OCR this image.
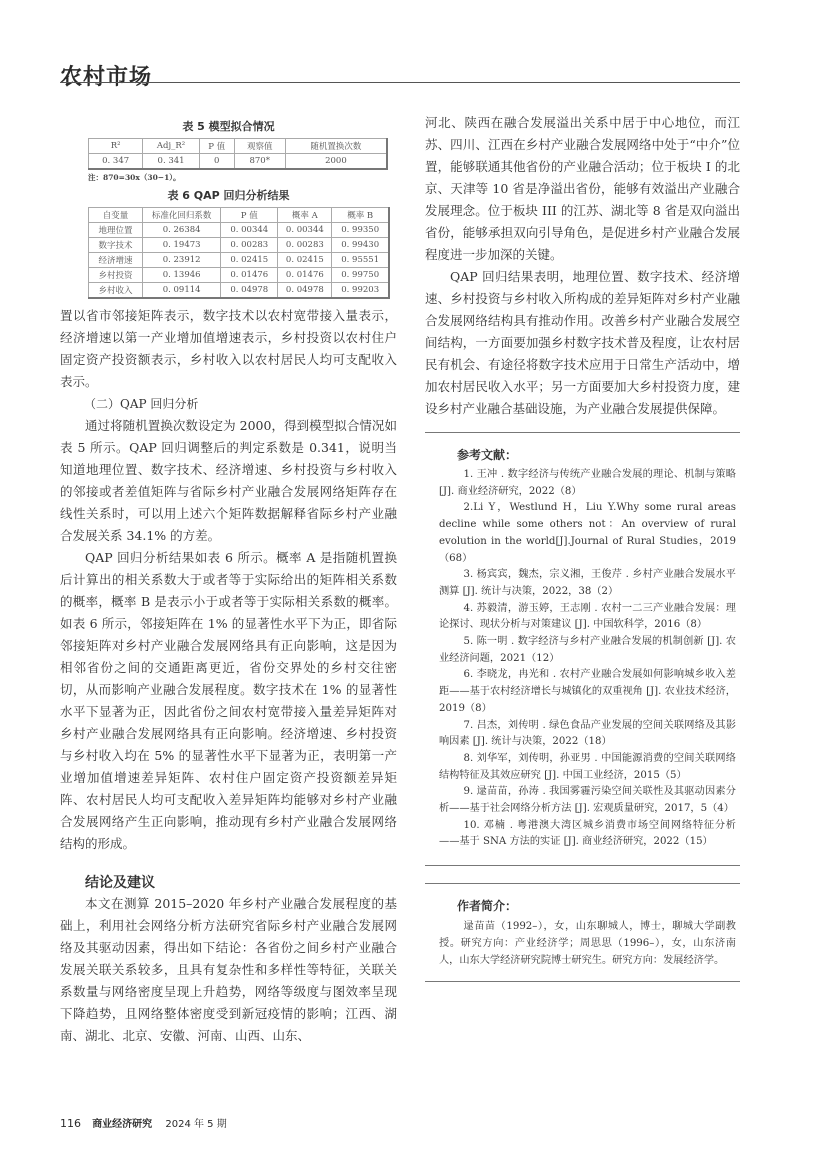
农村市场
表 5 模型拟合情况
R²	Adj_R²	P 值	观察值	随机置换次数
0. 347	0. 341	0	870*	2000
注：870=30x（30−1）。
表 6 QAP 回归分析结果
自变量	标准化回归系数	P 值	概率 A	概率 B
地理位置	0. 26384	0. 00344	0. 00344	0. 99350
数字技术	0. 19473	0. 00283	0. 00283	0. 99430
经济增速	0. 23912	0. 02415	0. 02415	0. 95551
乡村投资	0. 13946	0. 01476	0. 01476	0. 99750
乡村收入	0. 09114	0. 04978	0. 04978	0. 99203

置以省市邻接矩阵表示，数字技术以农村宽带接入量表示，经济增速以第一产业增加值增速表示，乡村投资以农村住户固定资产投资额表示，乡村收入以农村居民人均可支配收入表示。

（二）QAP 回归分析

通过将随机置换次数设定为 2000，得到模型拟合情况如表 5 所示。QAP 回归调整后的判定系数是 0.341，说明当知道地理位置、数字技术、经济增速、乡村投资与乡村收入的邻接或者差值矩阵与省际乡村产业融合发展网络矩阵存在线性关系时，可以用上述六个矩阵数据解释省际乡村产业融合发展关系 34.1% 的方差。

QAP 回归分析结果如表 6 所示。概率 A 是指随机置换后计算出的相关系数大于或者等于实际给出的矩阵相关系数的概率，概率 B 是表示小于或者等于实际相关系数的概率。如表 6 所示，邻接矩阵在 1% 的显著性水平下为正，即省际邻接矩阵对乡村产业融合发展网络具有正向影响，这是因为相邻省份之间的交通距离更近，省份交界处的乡村交往密切，从而影响产业融合发展程度。数字技术在 1% 的显著性水平下显著为正，因此省份之间农村宽带接入量差异矩阵对乡村产业融合发展网络具有正向影响。经济增速、乡村投资与乡村收入均在 5% 的显著性水平下显著为正，表明第一产业增加值增速差异矩阵、农村住户固定资产投资额差异矩阵、农村居民人均可支配收入差异矩阵均能够对乡村产业融合发展网络产生正向影响，推动现有乡村产业融合发展网络结构的形成。

结论及建议

本文在测算 2015–2020 年乡村产业融合发展程度的基础上，利用社会网络分析方法研究省际乡村产业融合发展网络及其驱动因素，得出如下结论：各省份之间乡村产业融合发展关联关系较多，且具有复杂性和多样性等特征，关联关系数量与网络密度呈现上升趋势，网络等级度与图效率呈现下降趋势，且网络整体密度受到新冠疫情的影响；江西、湖南、湖北、北京、安徽、河南、山西、山东、

河北、陕西在融合发展溢出关系中居于中心地位，而江苏、四川、江西在乡村产业融合发展网络中处于“中介”位置，能够联通其他省份的产业融合活动；位于板块 I 的北京、天津等 10 省是净溢出省份，能够有效溢出产业融合发展理念。位于板块 III 的江苏、湖北等 8 省是双向溢出省份，能够承担双向引导角色，是促进乡村产业融合发展程度进一步加深的关键。

QAP 回归结果表明，地理位置、数字技术、经济增速、乡村投资与乡村收入所构成的差异矩阵对乡村产业融合发展网络结构具有推动作用。改善乡村产业融合发展空间结构，一方面要加强乡村数字技术普及程度，让农村居民有机会、有途径将数字技术应用于日常生产活动中，增加农村居民收入水平；另一方面要加大乡村投资力度，建设乡村产业融合基础设施，为产业融合发展提供保障。

参考文献：
1. 王冲 . 数字经济与传统产业融合发展的理论、机制与策略 [J]. 商业经济研究，2022（8）
2.Li Y，Westlund H，Liu Y.Why some rural areas decline while some others not：An overview of rural evolution in the world[J].Journal of Rural Studies，2019（68）
3. 杨宾宾，魏杰，宗义湘，王俊芹 . 乡村产业融合发展水平测算 [J]. 统计与决策，2022，38（2）
4. 苏毅清，游玉婷，王志刚 . 农村一二三产业融合发展：理论探讨、现状分析与对策建议 [J]. 中国软科学，2016（8）
5. 陈一明 . 数字经济与乡村产业融合发展的机制创新 [J]. 农业经济问题，2021（12）
6. 李晓龙，冉光和 . 农村产业融合发展如何影响城乡收入差距——基于农村经济增长与城镇化的双重视角 [J]. 农业技术经济，2019（8）
7. 吕杰，刘传明 . 绿色食品产业发展的空间关联网络及其影响因素 [J]. 统计与决策，2022（18）
8. 刘华军，刘传明，孙亚男 . 中国能源消费的空间关联网络结构特征及其效应研究 [J]. 中国工业经济，2015（5）
9. 逯苗苗，孙涛 . 我国雾霾污染空间关联性及其驱动因素分析——基于社会网络分析方法 [J]. 宏观质量研究，2017，5（4）
10. 邓楠 . 粤港澳大湾区城乡消费市场空间网络特征分析——基于 SNA 方法的实证 [J]. 商业经济研究，2022（15）
作者简介：
逯苗苗（1992–），女，山东聊城人，博士，聊城大学副教授。研究方向：产业经济学；周思思（1996–），女，山东济南人，山东大学经济研究院博士研究生。研究方向：发展经济学。
116 商业经济研究 2024 年 5 期
